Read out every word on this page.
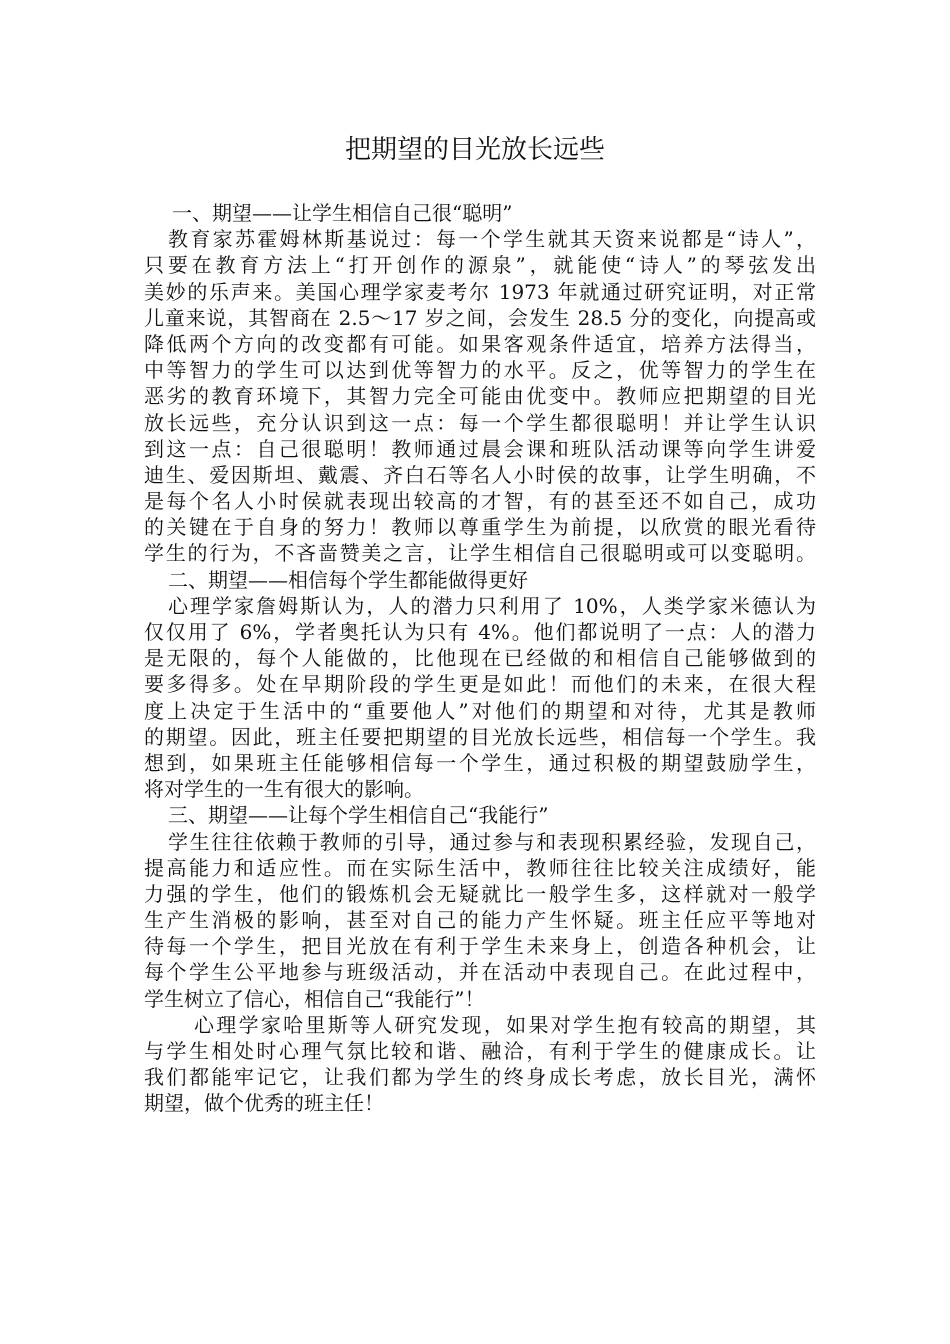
把期望的目光放长远些
一、期望——让学生相信自己很“聪明”
教育家苏霍姆林斯基说过：每一个学生就其天资来说都是“诗人”，
只要在教育方法上“打开创作的源泉”，就能使“诗人”的琴弦发出
美妙的乐声来。美国心理学家麦考尔 1973 年就通过研究证明，对正常
儿童来说，其智商在 2.5～17 岁之间，会发生 28.5 分的变化，向提高或
降低两个方向的改变都有可能。如果客观条件适宜，培养方法得当，
中等智力的学生可以达到优等智力的水平。反之，优等智力的学生在
恶劣的教育环境下，其智力完全可能由优变中。教师应把期望的目光
放长远些，充分认识到这一点：每一个学生都很聪明！并让学生认识
到这一点：自己很聪明！教师通过晨会课和班队活动课等向学生讲爱
迪生、爱因斯坦、戴震、齐白石等名人小时侯的故事，让学生明确，不
是每个名人小时侯就表现出较高的才智，有的甚至还不如自己，成功
的关键在于自身的努力！教师以尊重学生为前提，以欣赏的眼光看待
学生的行为，不吝啬赞美之言，让学生相信自己很聪明或可以变聪明。
二、期望——相信每个学生都能做得更好
心理学家詹姆斯认为，人的潜力只利用了 10%，人类学家米德认为
仅仅用了 6%，学者奥托认为只有 4%。他们都说明了一点：人的潜力
是无限的，每个人能做的，比他现在已经做的和相信自己能够做到的
要多得多。处在早期阶段的学生更是如此！而他们的未来，在很大程
度上决定于生活中的“重要他人”对他们的期望和对待，尤其是教师
的期望。因此，班主任要把期望的目光放长远些，相信每一个学生。我
想到，如果班主任能够相信每一个学生，通过积极的期望鼓励学生，
将对学生的一生有很大的影响。
三、期望——让每个学生相信自己“我能行”
学生往往依赖于教师的引导，通过参与和表现积累经验，发现自己，
提高能力和适应性。而在实际生活中，教师往往比较关注成绩好，能
力强的学生，他们的锻炼机会无疑就比一般学生多，这样就对一般学
生产生消极的影响，甚至对自己的能力产生怀疑。班主任应平等地对
待每一个学生，把目光放在有利于学生未来身上，创造各种机会，让
每个学生公平地参与班级活动，并在活动中表现自己。在此过程中，
学生树立了信心，相信自己“我能行”！
心理学家哈里斯等人研究发现，如果对学生抱有较高的期望，其
与学生相处时心理气氛比较和谐、融洽，有利于学生的健康成长。让
我们都能牢记它，让我们都为学生的终身成长考虑，放长目光，满怀
期望，做个优秀的班主任！
